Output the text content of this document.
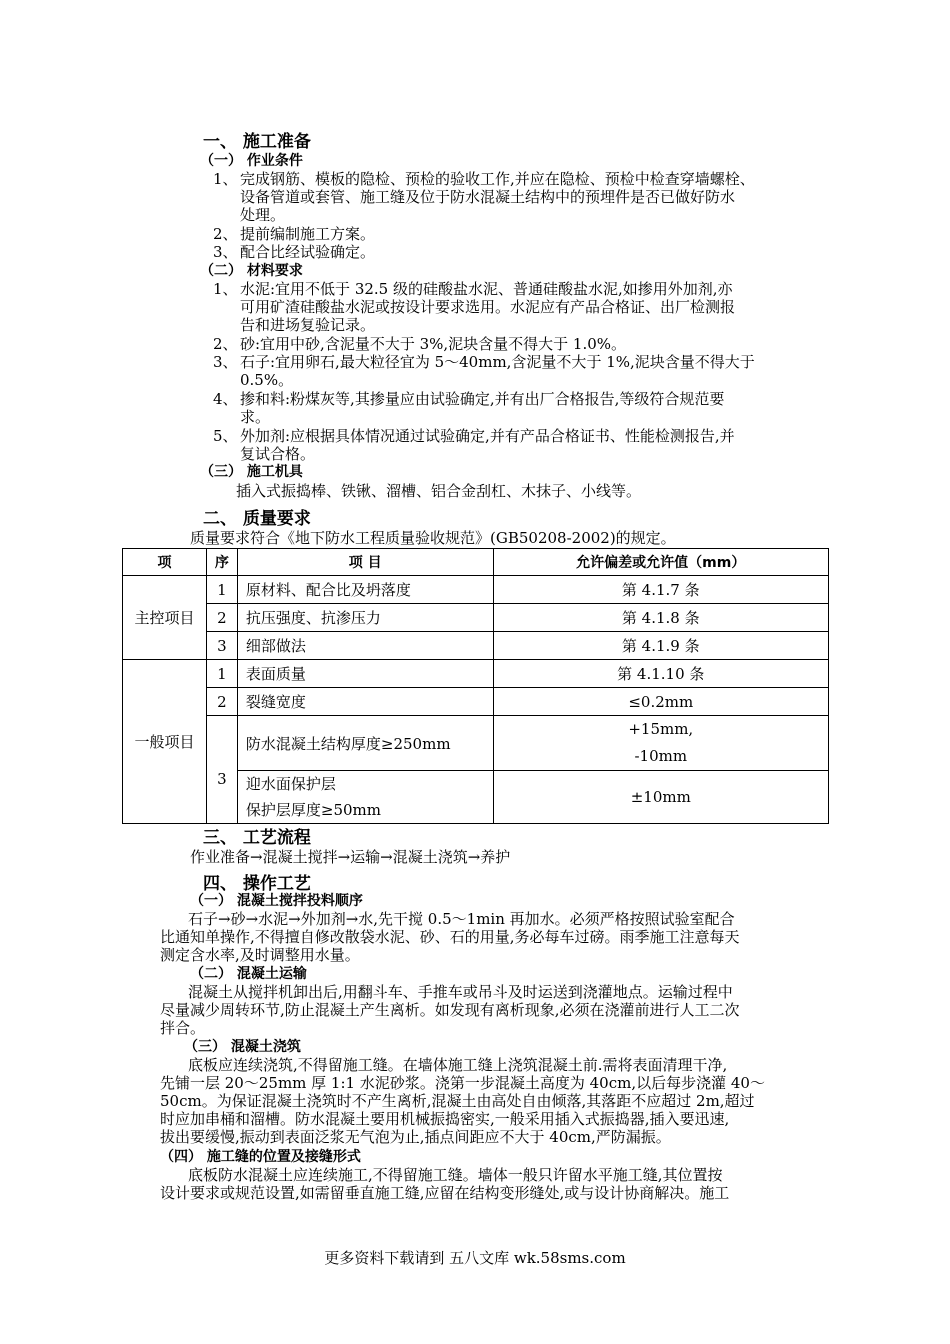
一、 施工准备
（一） 作业条件
1、 完成钢筋、模板的隐检、预检的验收工作,并应在隐检、预检中检查穿墙螺栓、
设备管道或套管、施工缝及位于防水混凝土结构中的预埋件是否已做好防水
处理。
2、 提前编制施工方案。
3、 配合比经试验确定。
（二） 材料要求
1、 水泥:宜用不低于 32.5 级的硅酸盐水泥、普通硅酸盐水泥,如掺用外加剂,亦
可用矿渣硅酸盐水泥或按设计要求选用。水泥应有产品合格证、出厂检测报
告和进场复验记录。
2、 砂:宜用中砂,含泥量不大于 3%,泥块含量不得大于 1.0%。
3、 石子:宜用卵石,最大粒径宜为 5～40mm,含泥量不大于 1%,泥块含量不得大于
0.5%。
4、 掺和料:粉煤灰等,其掺量应由试验确定,并有出厂合格报告,等级符合规范要
求。
5、 外加剂:应根据具体情况通过试验确定,并有产品合格证书、性能检测报告,并
复试合格。
（三） 施工机具
插入式振捣棒、铁锹、溜槽、铝合金刮杠、木抹子、小线等。
二、 质量要求
质量要求符合《地下防水工程质量验收规范》(GB50208-2002)的规定。
项	序	项 目	允许偏差或允许值（mm）
主控项目	1	原材料、配合比及坍落度	第 4.1.7 条
	2	抗压强度、抗渗压力	第 4.1.8 条
	3	细部做法	第 4.1.9 条
一般项目	1	表面质量	第 4.1.10 条
	2	裂缝宽度	≤0.2mm
	3	防水混凝土结构厚度≥250mm	+15mm,
-10mm

		迎水面保护层
保护层厚度≥50mm	±10mm
三、 工艺流程
作业准备→混凝土搅拌→运输→混凝土浇筑→养护
四、 操作工艺
（一） 混凝土搅拌投料顺序
石子→砂→水泥→外加剂→水,先干搅 0.5～1min 再加水。必须严格按照试验室配合
比通知单操作,不得擅自修改散袋水泥、砂、石的用量,务必每车过磅。雨季施工注意每天
测定含水率,及时调整用水量。
（二） 混凝土运输
混凝土从搅拌机卸出后,用翻斗车、手推车或吊斗及时运送到浇灌地点。运输过程中
尽量减少周转环节,防止混凝土产生离析。如发现有离析现象,必须在浇灌前进行人工二次
拌合。
（三） 混凝土浇筑
底板应连续浇筑,不得留施工缝。在墙体施工缝上浇筑混凝土前.需将表面清理干净,
先铺一层 20～25mm 厚 1:1 水泥砂浆。浇第一步混凝土高度为 40cm,以后每步浇灌 40～
50cm。为保证混凝土浇筑时不产生离析,混凝土由高处自由倾落,其落距不应超过 2m,超过
时应加串桶和溜槽。防水混凝土要用机械振捣密实,一般采用插入式振捣器,插入要迅速,
拔出要缓慢,振动到表面泛浆无气泡为止,插点间距应不大于 40cm,严防漏振。
（四） 施工缝的位置及接缝形式
底板防水混凝土应连续施工,不得留施工缝。墙体一般只许留水平施工缝,其位置按
设计要求或规范设置,如需留垂直施工缝,应留在结构变形缝处,或与设计协商解决。施工
更多资料下载请到 五八文库 wk.58sms.com
